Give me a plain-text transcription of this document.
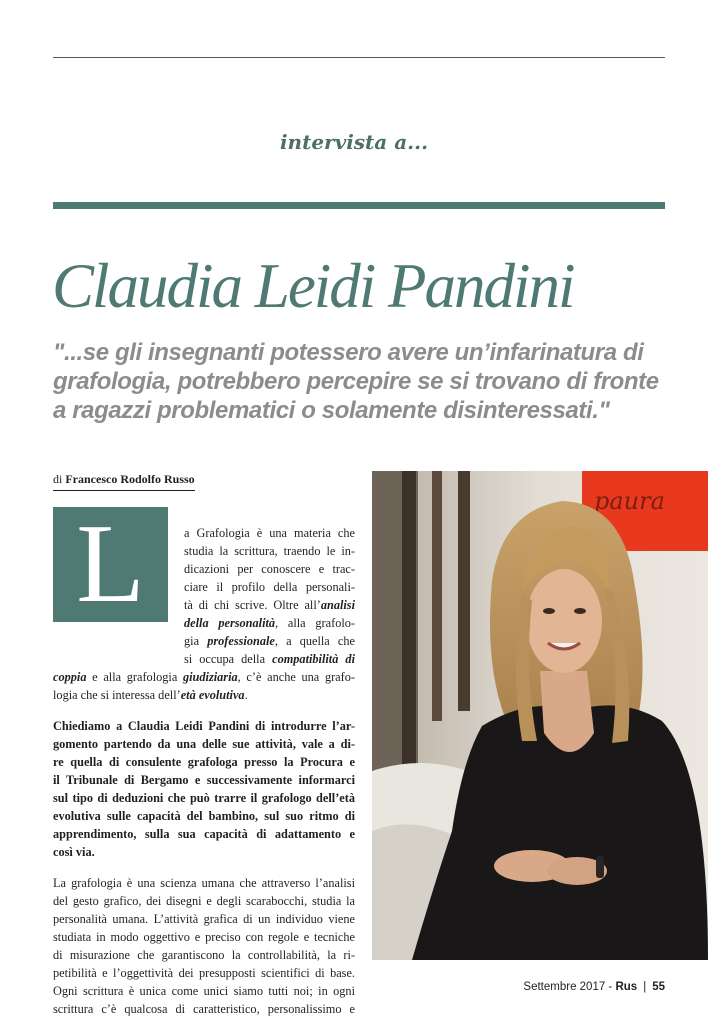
intervista a...
Claudia Leidi Pandini

"...se gli insegnanti potessero avere un’infarinatura di grafologia, potrebbero percepire se si trovano di fronte a ragazzi problematici o solamente disinteressati."

di Francesco Rodolfo Russo
L	a Grafologia è una materia che
studia la scrittura, traendo le in-
dicazioni per conoscere e trac-
ciare il profilo della personali-
tà di chi scrive. Oltre all’analisi
della personalità, alla grafolo-
gia professionale, a quella che
si occupa della compatibilità di
coppia e alla grafologia giudiziaria, c’è anche una grafo-
logia che si interessa dell’età evolutiva.
Chiediamo a Claudia Leidi Pandini di introdurre l’ar-
gomento partendo da una delle sue attività, vale a di-
re quella di consulente grafologa presso la Procura e
il Tribunale di Bergamo e successivamente informarci
sul tipo di deduzioni che può trarre il grafologo dell’età
evolutiva sulle capacità del bambino, sul suo ritmo di
apprendimento, sulla sua capacità di adattamento e
così via.
La grafologia è una scienza umana che attraverso l’analisi
del gesto grafico, dei disegni e degli scarabocchi, studia la
personalità umana. L’attività grafica di un individuo viene
studiata in modo oggettivo e preciso con regole e tecniche
di misurazione che garantiscono la controllabilità, la ri-
petibilità e l’oggettività dei presupposti scientifici di base.
Ogni scrittura è unica come unici siamo tutti noi; in ogni
scrittura c’è qualcosa di caratteristico, personalissimo e
paura
Settembre 2017 - Rus | 55
